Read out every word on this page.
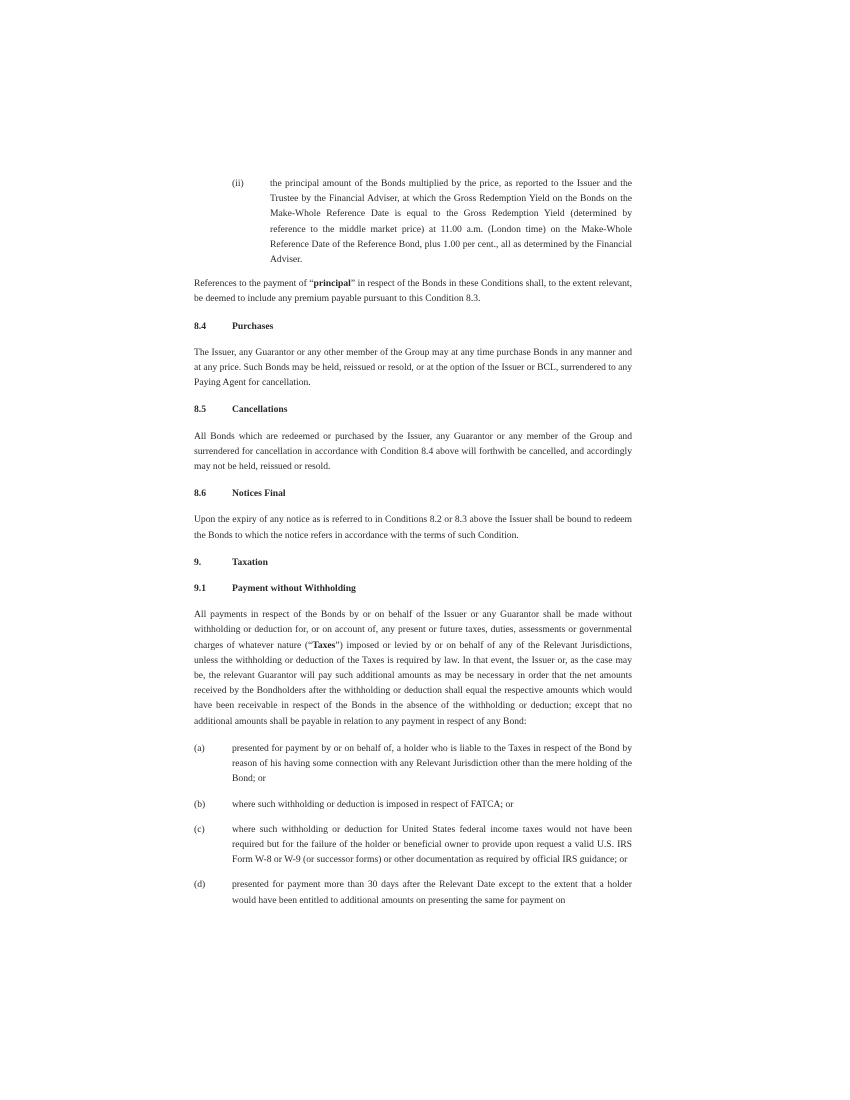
(ii)	the principal amount of the Bonds multiplied by the price, as reported to the Issuer and the Trustee by the Financial Adviser, at which the Gross Redemption Yield on the Bonds on the Make-Whole Reference Date is equal to the Gross Redemption Yield (determined by reference to the middle market price) at 11.00 a.m. (London time) on the Make-Whole Reference Date of the Reference Bond, plus 1.00 per cent., all as determined by the Financial Adviser.

References to the payment of “principal” in respect of the Bonds in these Conditions shall, to the extent relevant, be deemed to include any premium payable pursuant to this Condition 8.3.

8.4	Purchases

The Issuer, any Guarantor or any other member of the Group may at any time purchase Bonds in any manner and at any price. Such Bonds may be held, reissued or resold, or at the option of the Issuer or BCL, surrendered to any Paying Agent for cancellation.

8.5	Cancellations

All Bonds which are redeemed or purchased by the Issuer, any Guarantor or any member of the Group and surrendered for cancellation in accordance with Condition 8.4 above will forthwith be cancelled, and accordingly may not be held, reissued or resold.

8.6	Notices Final

Upon the expiry of any notice as is referred to in Conditions 8.2 or 8.3 above the Issuer shall be bound to redeem the Bonds to which the notice refers in accordance with the terms of such Condition.

9.	Taxation
9.1	Payment without Withholding

All payments in respect of the Bonds by or on behalf of the Issuer or any Guarantor shall be made without withholding or deduction for, or on account of, any present or future taxes, duties, assessments or governmental charges of whatever nature (“Taxes”) imposed or levied by or on behalf of any of the Relevant Jurisdictions, unless the withholding or deduction of the Taxes is required by law. In that event, the Issuer or, as the case may be, the relevant Guarantor will pay such additional amounts as may be necessary in order that the net amounts received by the Bondholders after the withholding or deduction shall equal the respective amounts which would have been receivable in respect of the Bonds in the absence of the withholding or deduction; except that no additional amounts shall be payable in relation to any payment in respect of any Bond:

(a)	presented for payment by or on behalf of, a holder who is liable to the Taxes in respect of the Bond by reason of his having some connection with any Relevant Jurisdiction other than the mere holding of the Bond; or
(b)	where such withholding or deduction is imposed in respect of FATCA; or
(c)	where such withholding or deduction for United States federal income taxes would not have been required but for the failure of the holder or beneficial owner to provide upon request a valid U.S. IRS Form W-8 or W-9 (or successor forms) or other documentation as required by official IRS guidance; or
(d)	presented for payment more than 30 days after the Relevant Date except to the extent that a holder would have been entitled to additional amounts on presenting the same for payment on
